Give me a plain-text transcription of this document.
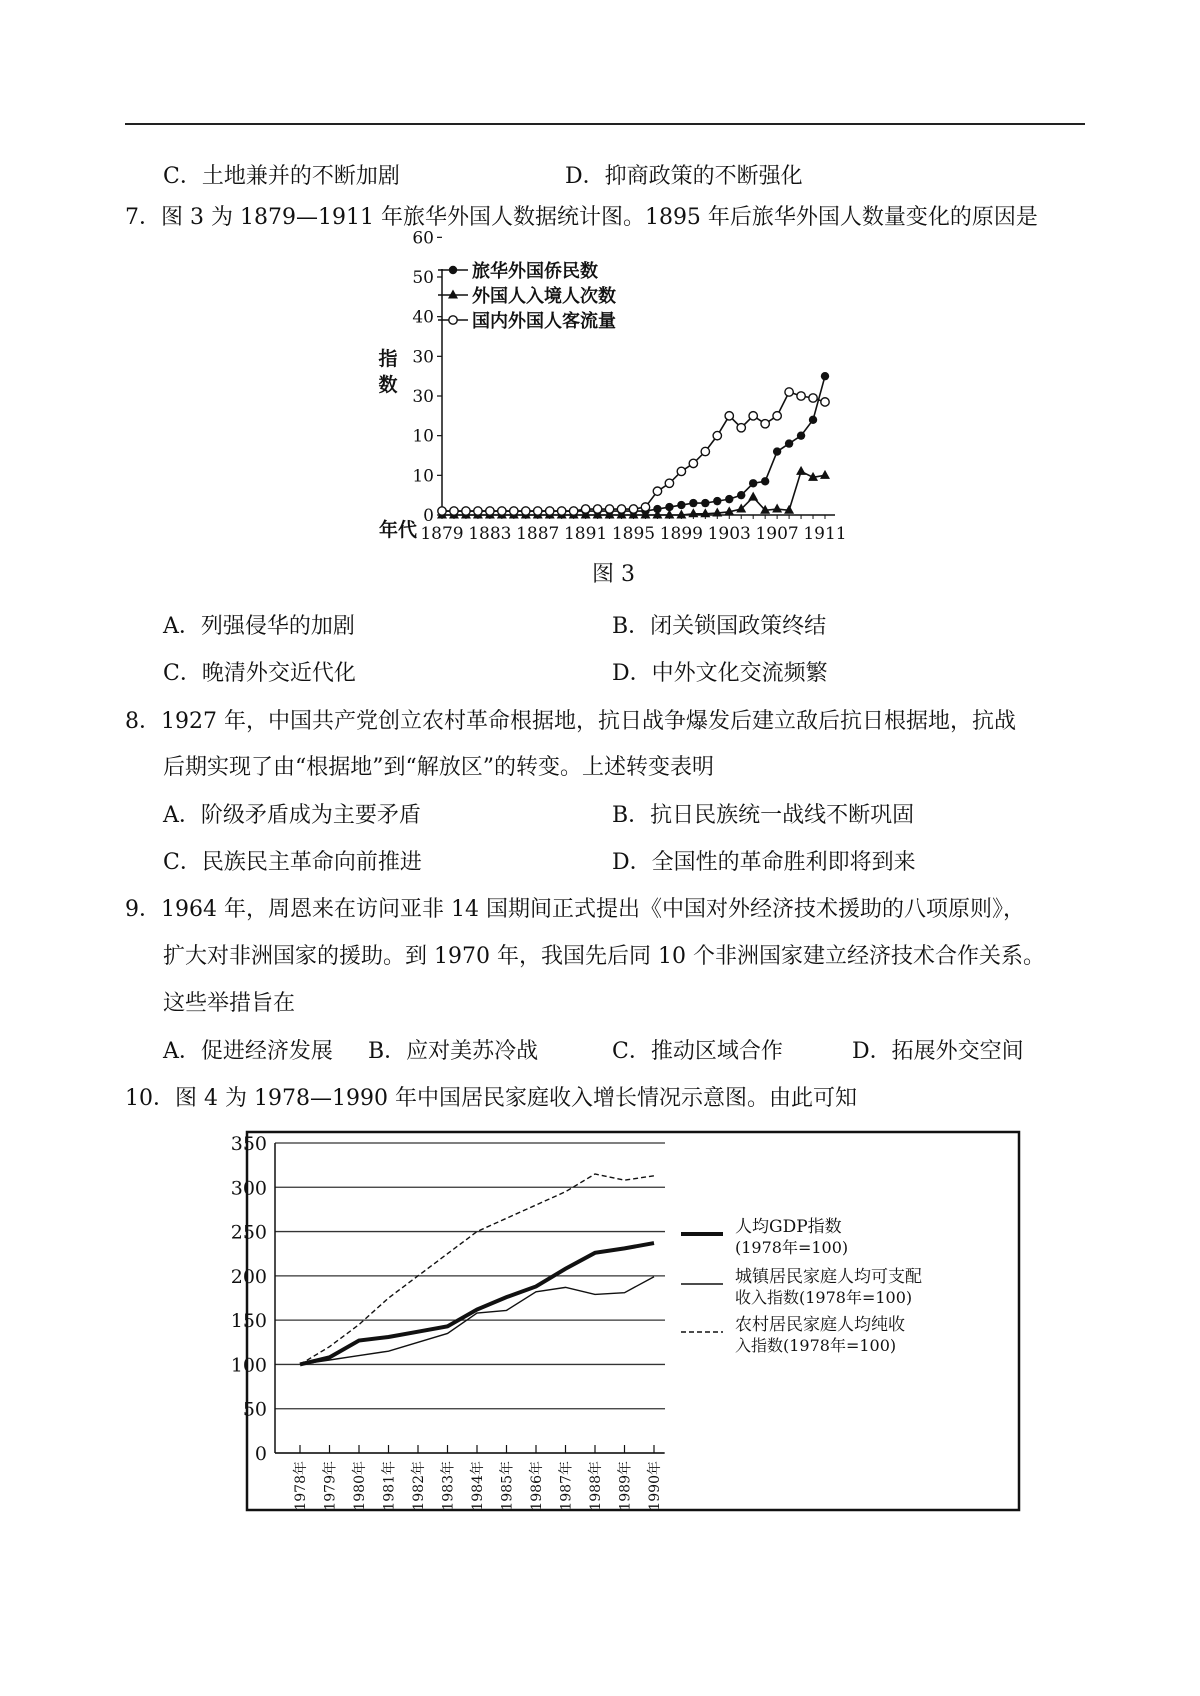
C．土地兼并的不断加剧	D．抑商政策的不断强化
7．图 3 为 1879—1911 年旅华外国人数据统计图。1895 年后旅华外国人数量变化的原因是
0
10
10
30
30
40
50
60
1879 1883 1887 1891 1895 1899 1903 1907 1911
指
数
年代
旅华外国侨民数
外国人入境人次数
国内外国人客流量
图 3
A．列强侵华的加剧	B．闭关锁国政策终结
C．晚清外交近代化	D．中外文化交流频繁
8．1927 年，中国共产党创立农村革命根据地，抗日战争爆发后建立敌后抗日根据地，抗战
后期实现了由“根据地”到“解放区”的转变。上述转变表明
A．阶级矛盾成为主要矛盾	B．抗日民族统一战线不断巩固
C．民族民主革命向前推进	D．全国性的革命胜利即将到来
9．1964 年，周恩来在访问亚非 14 国期间正式提出《中国对外经济技术援助的八项原则》，
扩大对非洲国家的援助。到 1970 年，我国先后同 10 个非洲国家建立经济技术合作关系。
这些举措旨在
A．促进经济发展 B．应对美苏冷战	C．推动区域合作	D．拓展外交空间
10．图 4 为 1978—1990 年中国居民家庭收入增长情况示意图。由此可知
0
50
100
150
200
250
300
350
1978年 1979年 1980年 1981年 1982年 1983年 1984年 1985年 1986年 1987年 1988年 1989年 1990年
人均GDP指数
(1978年=100)
城镇居民家庭人均可支配
收入指数(1978年=100)
农村居民家庭人均纯收
入指数(1978年=100)
